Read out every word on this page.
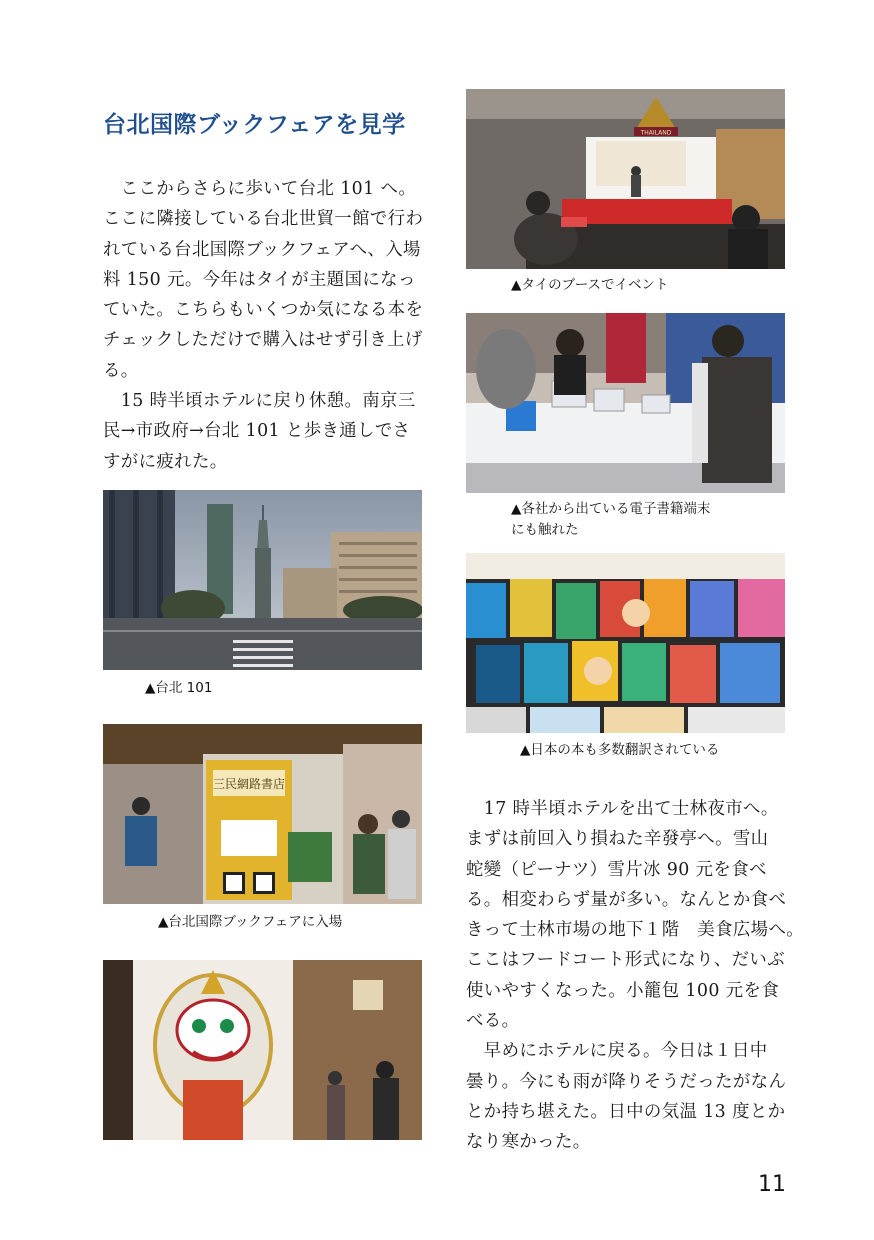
台北国際ブックフェアを見学
　ここからさらに歩いて台北 101 へ。
ここに隣接している台北世貿一館で行わ
れている台北国際ブックフェアへ、入場
料 150 元。今年はタイが主題国になっ
ていた。こちらもいくつか気になる本を
チェックしただけで購入はせず引き上げ
る。
　15 時半頃ホテルに戻り休憩。南京三
民→市政府→台北 101 と歩き通しでさ
すがに疲れた。
　17 時半頃ホテルを出て士林夜市へ。
まずは前回入り損ねた辛發亭へ。雪山
蛇變（ピーナツ）雪片冰 90 元を食べ
る。相変わらず量が多い。なんとか食べ
きって士林市場の地下１階　美食広場へ。
ここはフードコート形式になり、だいぶ
使いやすくなった。小籠包 100 元を食
べる。
　早めにホテルに戻る。今日は１日中
曇り。今にも雨が降りそうだったがなん
とか持ち堪えた。日中の気温 13 度とか
なり寒かった。
▲台北 101
三民網路書店
▲台北国際ブックフェアに入場
THAILAND
▲タイのブースでイベント
▲各社から出ている電子書籍端末
にも触れた
▲日本の本も多数翻訳されている
11
